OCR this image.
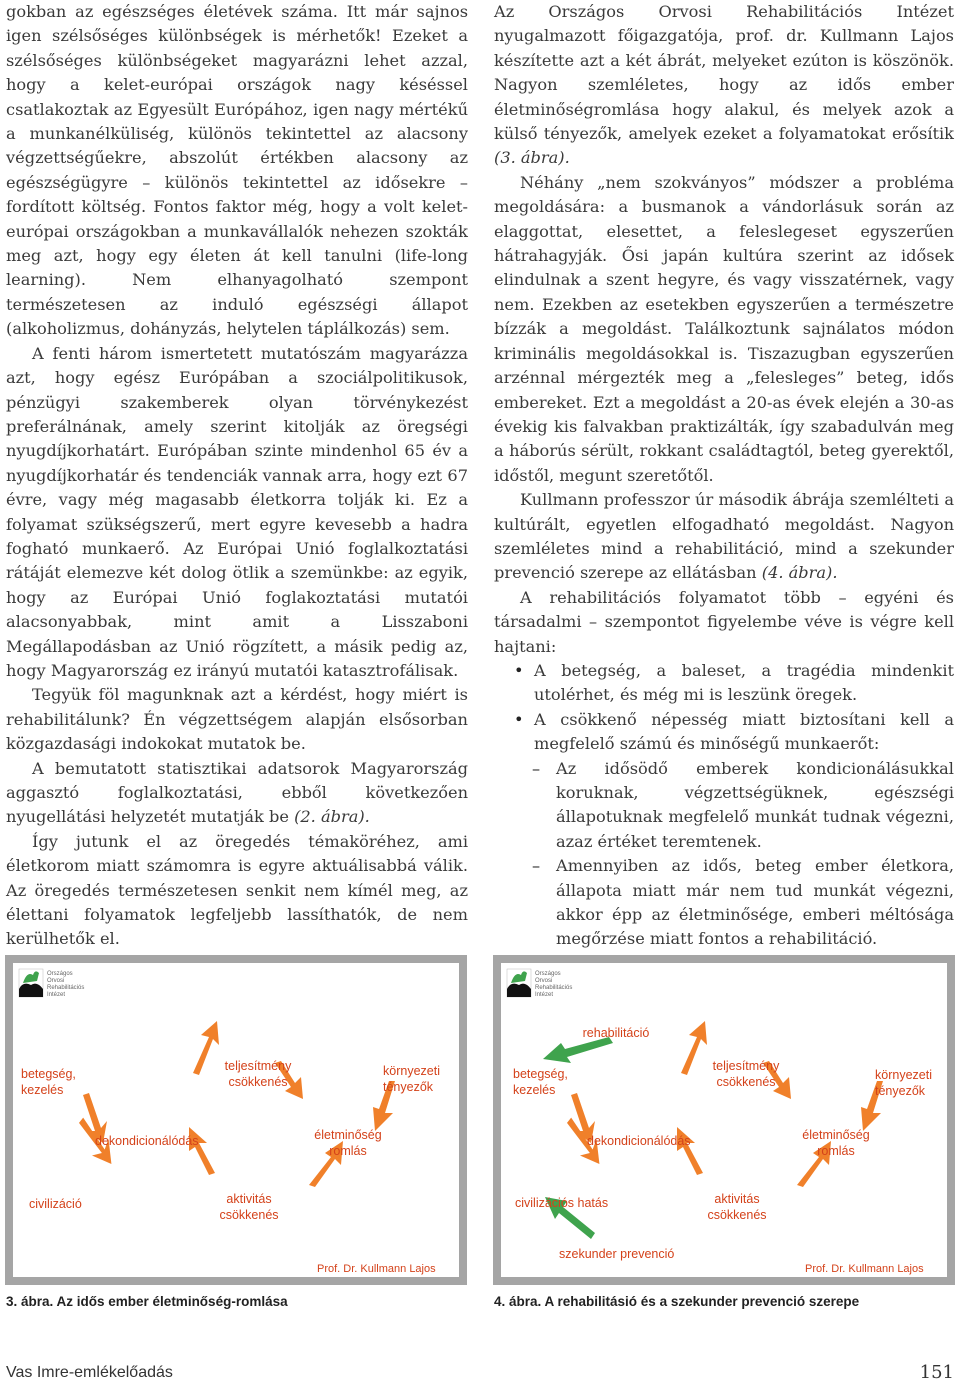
gokban az egészséges életévek száma. Itt már sajnos igen szélsőséges különbségek is mérhetők! Ezeket a szélsőséges különbségeket magyarázni lehet azzal, hogy a kelet-európai országok nagy késéssel csatlakoztak az Egyesült Európához, igen nagy mértékű a munkanélküliség, különös tekintettel az alacsony végzettségűekre, abszolút értékben alacsony az egészségügyre – különös tekintettel az idősekre – fordított költség. Fontos faktor még, hogy a volt kelet-európai országokban a munkavállalók nehezen szokták meg azt, hogy egy életen át kell tanulni (life-long learning). Nem elhanyagolható szempont természetesen az induló egészségi állapot (alkoholizmus, dohányzás, helytelen táplálkozás) sem.

A fenti három ismertetett mutatószám magyarázza azt, hogy egész Európában a szociálpolitikusok, pénzügyi szakemberek olyan törvénykezést preferálnának, amely szerint kitolják az öregségi nyugdíjkorhatárt. Európában szinte mindenhol 65 év a nyugdíjkorhatár és tendenciák vannak arra, hogy ezt 67 évre, vagy még magasabb életkorra tolják ki. Ez a folyamat szükségszerű, mert egyre kevesebb a hadra fogható munkaerő. Az Európai Unió foglalkoztatási rátáját elemezve két dolog ötlik a szemünkbe: az egyik, hogy az Európai Unió foglakoztatási mutatói alacsonyabbak, mint amit a Lisszaboni Megállapodásban az Unió rögzített, a másik pedig az, hogy Magyarország ez irányú mutatói katasztrofálisak.

Tegyük föl magunknak azt a kérdést, hogy miért is rehabilitálunk? Én végzettségem alapján elsősorban közgazdasági indokokat mutatok be.

A bemutatott statisztikai adatsorok Magyarország aggasztó foglalkoztatási, ebből következően nyugellátási helyzetét mutatják be (2. ábra).

Így jutunk el az öregedés témaköréhez, ami életkorom miatt számomra is egyre aktuálisabbá válik. Az öregedés természetesen senkit nem kímél meg, az élettani folyamatok legfeljebb lassíthatók, de nem kerülhetők el.

Az Országos Orvosi Rehabilitációs Intézet nyugalmazott főigazgatója, prof. dr. Kullmann Lajos készítette azt a két ábrát, melyeket ezúton is köszönök. Nagyon szemléletes, hogy az idős ember életminőségromlása hogy alakul, és melyek azok a külső tényezők, amelyek ezeket a folyamatokat erősítik (3. ábra).

Néhány „nem szokványos” módszer a probléma megoldására: a busmanok a vándorlásuk során az elaggottat, elesettet, a feleslegeset egyszerűen hátrahagyják. Ősi japán kultúra szerint az idősek elindulnak a szent hegyre, és vagy visszatérnek, vagy nem. Ezekben az esetekben egyszerűen a természetre bízzák a megoldást. Találkoztunk sajnálatos módon kriminális megoldásokkal is. Tiszazugban egyszerűen arzénnal mérgezték meg a „felesleges” beteg, idős embereket. Ezt a megoldást a 20-as évek elején a 30-as évekig kis falvakban praktizálták, így szabadulván meg a háborús sérült, rokkant családtagtól, beteg gyerektől, időstől, megunt szeretőtől.

Kullmann professzor úr második ábrája szemlélteti a kultúrált, egyetlen elfogadható megoldást. Nagyon szemléletes mind a rehabilitáció, mind a szekunder prevenció szerepe az ellátásban (4. ábra).

A rehabilitációs folyamatot több – egyéni és társadalmi – szempontot figyelembe véve is végre kell hajtani:

• A betegség, a baleset, a tragédia mindenkit utolérhet, és még mi is leszünk öregek.
• A csökkenő népesség miatt biztosítani kell a megfelelő számú és minőségű munkaerőt:
– Az idősödő emberek kondicionálásukkal koruknak, végzettségüknek, egészségi állapotuknak megfelelő munkát tudnak végezni, azaz értéket teremtenek.
– Amennyiben az idős, beteg ember életkora, állapota miatt már nem tud munkát végezni, akkor épp az életminősége, emberi méltósága megőrzése miatt fontos a rehabilitáció.
Országos
Orvosi
Rehabilitációs
Intézet
betegség, kezelés
teljesítmény csökkenés
környezeti tényezők
dekondicionálódás	életminőség romlás
civilizáció	aktivitás csökkenés
Prof. Dr. Kullmann Lajos
3. ábra. Az idős ember életminőség-romlása
Országos
Orvosi
Rehabilitációs
Intézet
rehabilitáció
betegség, kezelés
teljesítmény csökkenés	környezeti tényezők
dekondicionálódás	életminőség romlás
civilizációs hatás	aktivitás csökkenés
szekunder prevenció
Prof. Dr. Kullmann Lajos
4. ábra. A rehabilitásió és a szekunder prevenció szerepe
Vas Imre-emlékelőadás	151
